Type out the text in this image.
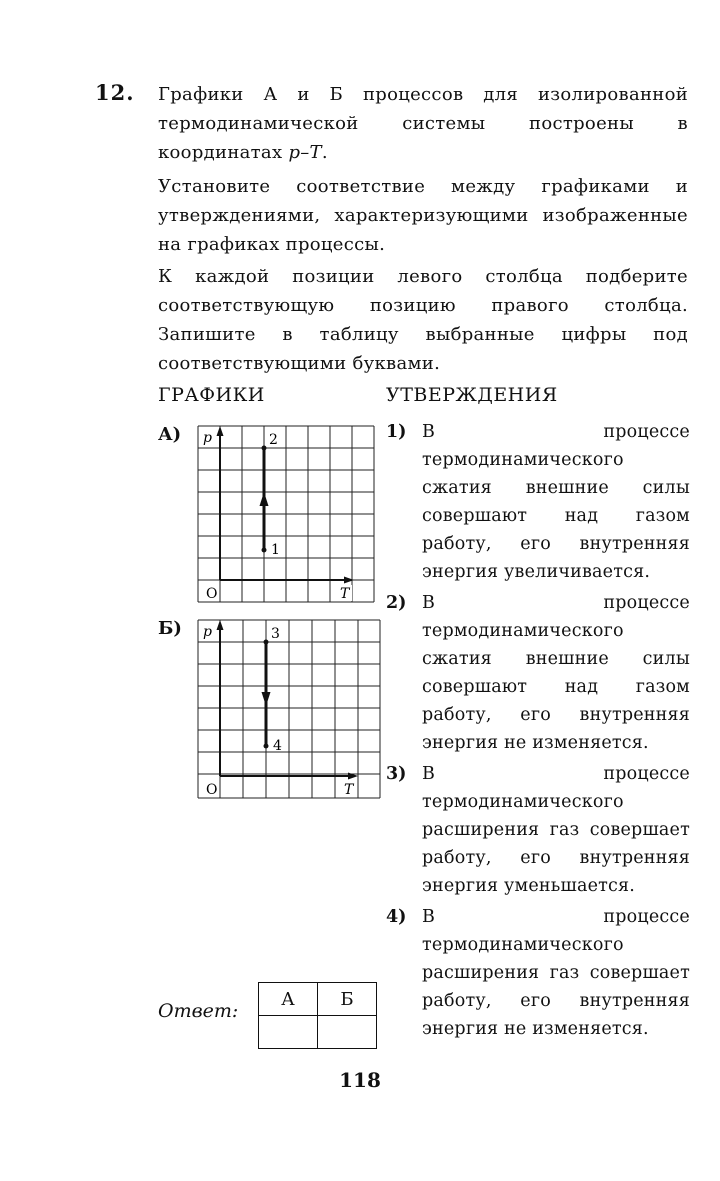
12. Графики А и Б процессов для изолированной термодинамической системы построены в координатах p–T.
Установите соответствие между графиками и утверждениями, характеризующими изображенные на графиках процессы.
К каждой позиции левого столбца подберите соответствующую позицию правого столбца. Запишите в таблицу выбранные цифры под соответствующими буквами.
ГРАФИКИ	УТВЕРЖДЕНИЯ
А) p
T
O
2
1
Б) p
T
O
3
4
1) В процессе термодинамического сжатия внешние силы совершают над газом работу, его внутренняя энергия увеличивается.
2) В процессе термодинамического сжатия внешние силы совершают над газом работу, его внутренняя энергия не изменяется.
3) В процессе термодинамического расширения газ совершает работу, его внутренняя энергия уменьшается.
4) В процессе термодинамического расширения газ совершает работу, его внутренняя энергия не изменяется.
Ответ:
А	Б

118
